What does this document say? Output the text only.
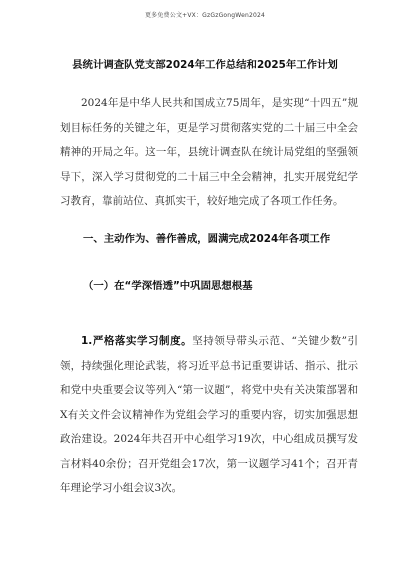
更多免费公文+VX：GzGzGongWen2024
县统计调查队党支部2024年工作总结和2025年工作计划

2024年是中华人民共和国成立75周年，是实现“十四五”规划目标任务的关键之年，更是学习贯彻落实党的二十届三中全会精神的开局之年。这一年，县统计调查队在统计局党组的坚强领导下，深入学习贯彻党的二十届三中全会精神，扎实开展党纪学习教育，靠前站位、真抓实干，较好地完成了各项工作任务。

一、主动作为、善作善成，圆满完成2024年各项工作
（一）在“学深悟透”中巩固思想根基

1.严格落实学习制度。坚持领导带头示范、“关键少数”引领，持续强化理论武装，将习近平总书记重要讲话、指示、批示和党中央重要会议等列入“第一议题”，将党中央有关决策部署和X有关文件会议精神作为党组会学习的重要内容，切实加强思想政治建设。2024年共召开中心组学习19次，中心组成员撰写发言材料40余份；召开党组会17次，第一议题学习41个；召开青年理论学习小组会议3次。
